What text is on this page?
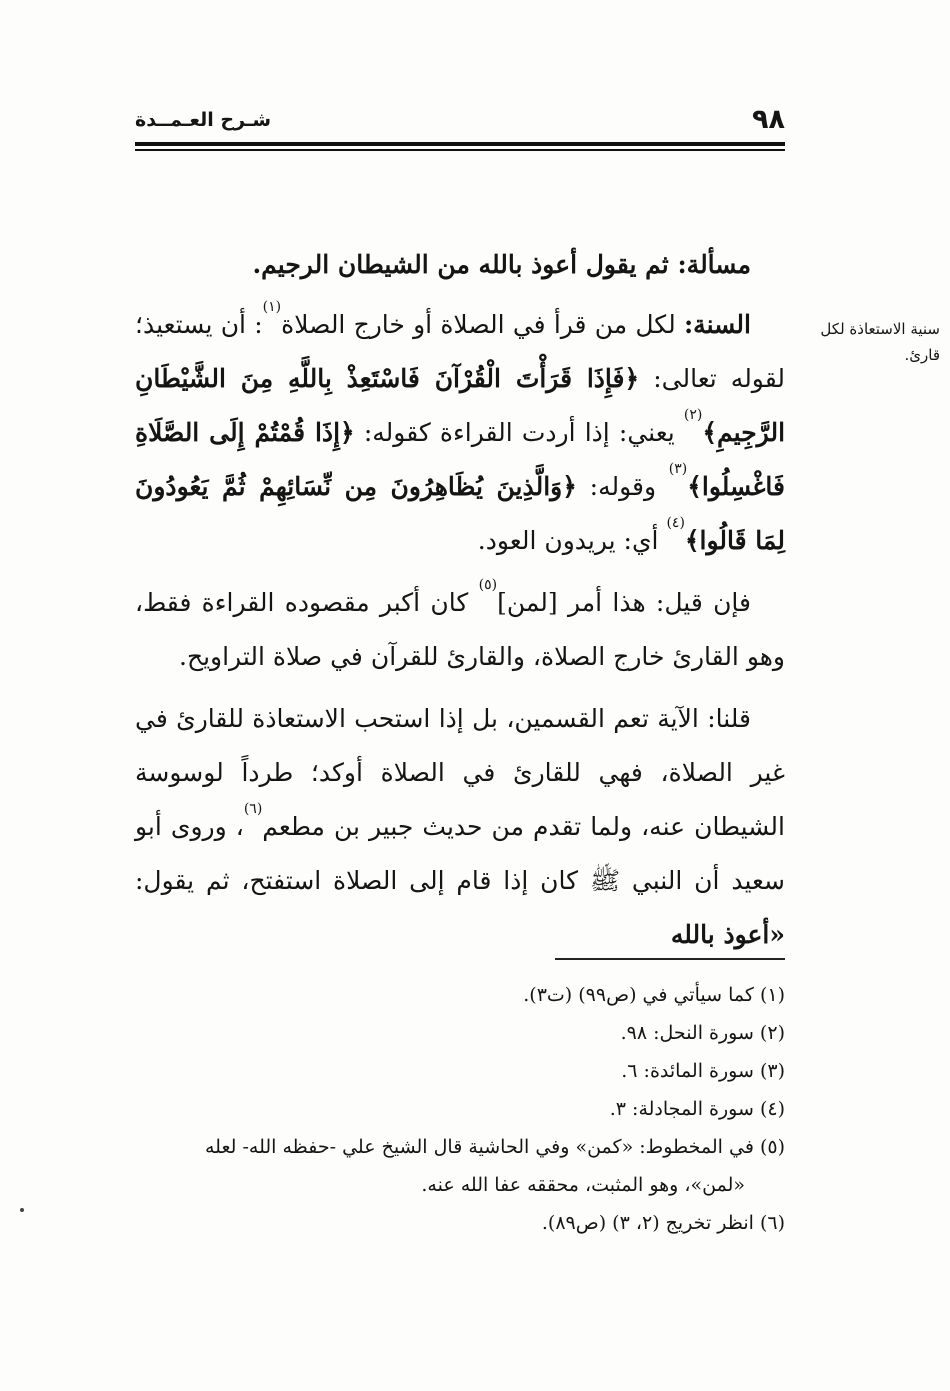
٩٨
شـرح العـمــدة
سنية الاستعاذة لكل قارئ.

مسألة: ثم يقول أعوذ بالله من الشيطان الرجيم.

السنة: لكل من قرأ في الصلاة أو خارج الصلاة$^{(١)}$: أن يستعيذ؛ لقوله تعالى: ﴿فَإِذَا قَرَأْتَ الْقُرْآنَ فَاسْتَعِذْ بِاللَّهِ مِنَ الشَّيْطَانِ الرَّجِيمِ﴾$^{(٢)}$ يعني: إذا أردت القراءة كقوله: ﴿إِذَا قُمْتُمْ إِلَى الصَّلَاةِ فَاغْسِلُوا﴾$^{(٣)}$ وقوله: ﴿وَالَّذِينَ يُظَاهِرُونَ مِن نِّسَائِهِمْ ثُمَّ يَعُودُونَ لِمَا قَالُوا﴾$^{(٤)}$ أي: يريدون العود.

فإن قيل: هذا أمر [لمن]$^{(٥)}$ كان أكبر مقصوده القراءة فقط، وهو القارئ خارج الصلاة، والقارئ للقرآن في صلاة التراويح.

قلنا: الآية تعم القسمين، بل إذا استحب الاستعاذة للقارئ في غير الصلاة، فهي للقارئ في الصلاة أوكد؛ طرداً لوسوسة الشيطان عنه، ولما تقدم من حديث جبير بن مطعم$^{(٦)}$، وروى أبو سعيد أن النبي ﷺ كان إذا قام إلى الصلاة استفتح، ثم يقول: «أعوذ بالله

(١) كما سيأتي في (ص٩٩) (ت٣).
(٢) سورة النحل: ٩٨.
(٣) سورة المائدة: ٦.
(٤) سورة المجادلة: ٣.
(٥) في المخطوط: «كمن» وفي الحاشية قال الشيخ علي -حفظه الله- لعله
«لمن»، وهو المثبت، محققه عفا الله عنه.
(٦) انظر تخريج (٢، ٣) (ص٨٩).
